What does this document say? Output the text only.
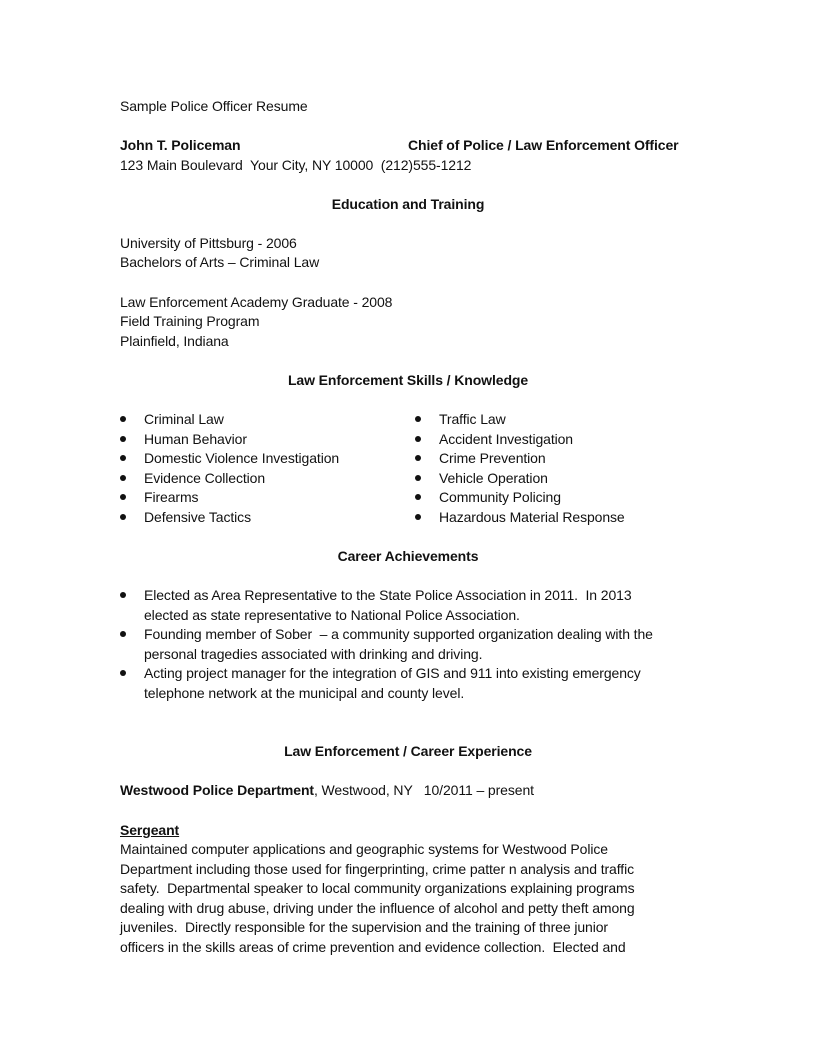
Sample Police Officer Resume
John T. Policeman	Chief of Police / Law Enforcement Officer
123 Main Boulevard  Your City, NY 10000  (212)555-1212
Education and Training
University of Pittsburg - 2006
Bachelors of Arts – Criminal Law
Law Enforcement Academy Graduate - 2008
Field Training Program
Plainfield, Indiana
Law Enforcement Skills / Knowledge
Criminal Law
Human Behavior
Domestic Violence Investigation
Evidence Collection
Firearms
Defensive Tactics
Traffic Law
Accident Investigation
Crime Prevention
Vehicle Operation
Community Policing
Hazardous Material Response
Career Achievements
Elected as Area Representative to the State Police Association in 2011.  In 2013
elected as state representative to National Police Association.
Founding member of Sober  – a community supported organization dealing with the
personal tragedies associated with drinking and driving.
Acting project manager for the integration of GIS and 911 into existing emergency
telephone network at the municipal and county level.
Law Enforcement / Career Experience
Westwood Police Department, Westwood, NY   10/2011 – present
Sergeant
Maintained computer applications and geographic systems for Westwood Police
Department including those used for fingerprinting, crime patter n analysis and traffic
safety.  Departmental speaker to local community organizations explaining programs
dealing with drug abuse, driving under the influence of alcohol and petty theft among
juveniles.  Directly responsible for the supervision and the training of three junior
officers in the skills areas of crime prevention and evidence collection.  Elected and
